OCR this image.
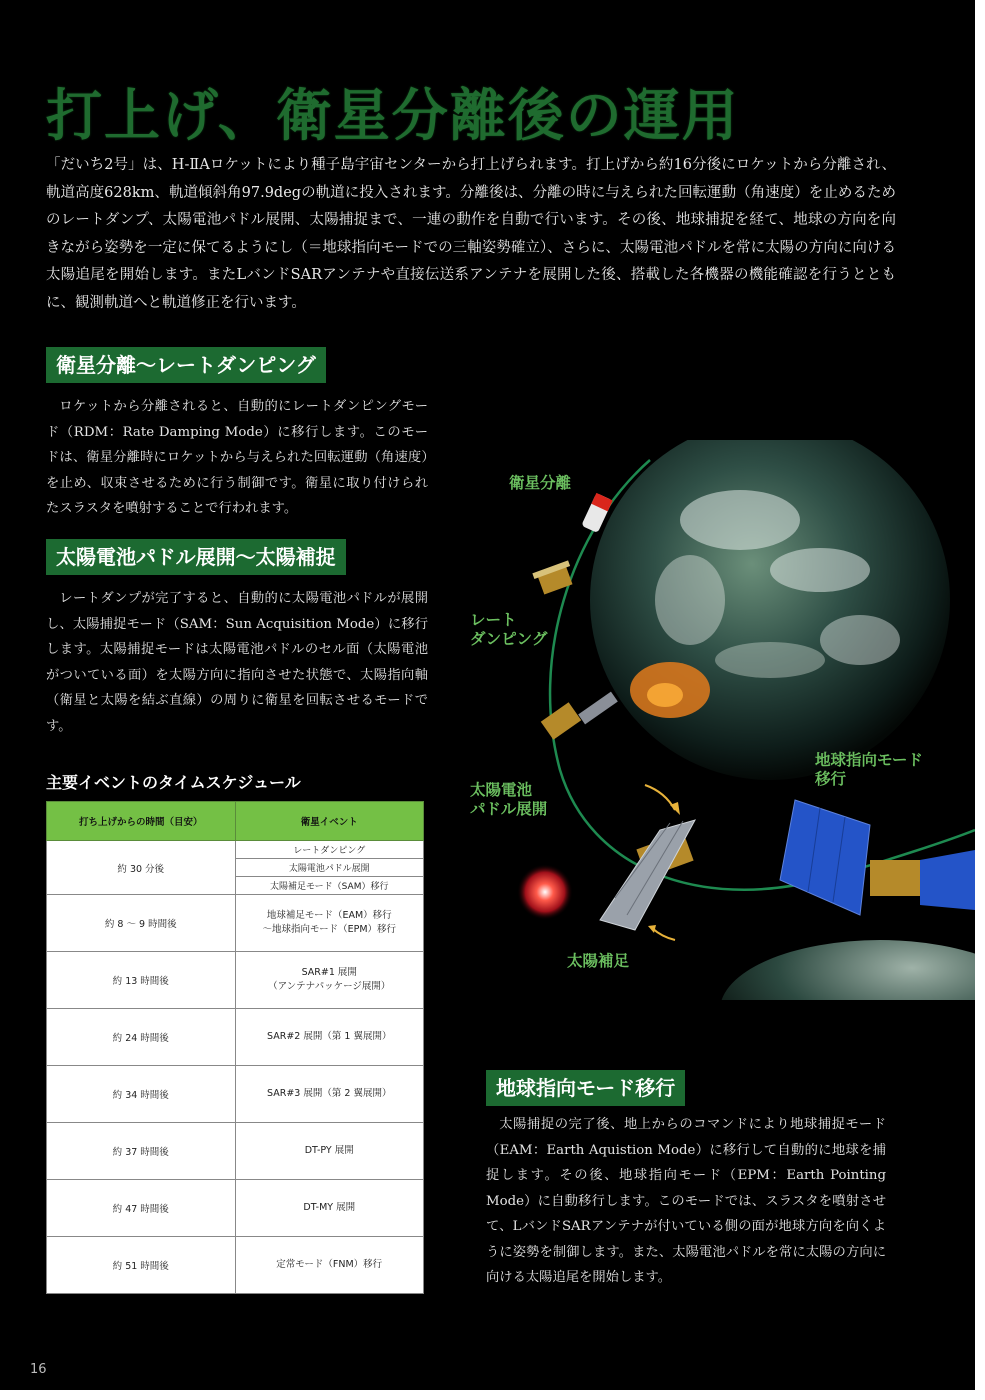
打上げ、衛星分離後の運用
「だいち2号」は、H-ⅡAロケットにより種子島宇宙センターから打上げられます。打上げから約16分後にロケットから分離され、軌道高度628km、軌道傾斜角97.9degの軌道に投入されます。分離後は、分離の時に与えられた回転運動（角速度）を止めるためのレートダンプ、太陽電池パドル展開、太陽捕捉まで、一連の動作を自動で行います。その後、地球捕捉を経て、地球の方向を向きながら姿勢を一定に保てるようにし（＝地球指向モードでの三軸姿勢確立）、さらに、太陽電池パドルを常に太陽の方向に向ける太陽追尾を開始します。またLバンドSARアンテナや直接伝送系アンテナを展開した後、搭載した各機器の機能確認を行うとともに、観測軌道へと軌道修正を行います。
衛星分離〜レートダンピング
ロケットから分離されると、自動的にレートダンピングモード（RDM：Rate Damping Mode）に移行します。このモードは、衛星分離時にロケットから与えられた回転運動（角速度）を止め、収束させるために行う制御です。衛星に取り付けられたスラスタを噴射することで行われます。
太陽電池パドル展開〜太陽補捉
レートダンプが完了すると、自動的に太陽電池パドルが展開し、太陽捕捉モード（SAM：Sun Acquisition Mode）に移行します。太陽捕捉モードは太陽電池パドルのセル面（太陽電池がついている面）を太陽方向に指向させた状態で、太陽指向軸（衛星と太陽を結ぶ直線）の周りに衛星を回転させるモードです。
主要イベントのタイムスケジュール
打ち上げからの時間（目安）	衛星イベント
約 30 分後	レートダンピング
	太陽電池パドル展開
	太陽補足モード（SAM）移行
約 8 〜 9 時間後	地球補足モード（EAM）移行
〜地球指向モード（EPM）移行

約 13 時間後	SAR#1 展開
（アンテナパッケージ展開）

約 24 時間後	SAR#2 展開（第 1 翼展開）

約 34 時間後	SAR#3 展開（第 2 翼展開）

約 37 時間後	DT-PY 展開

約 47 時間後	DT-MY 展開

約 51 時間後	定常モード（FNM）移行
衛星分離
レート
ダンピング
太陽電池
パドル展開
地球指向モード
移行
太陽補足
地球指向モード移行
太陽捕捉の完了後、地上からのコマンドにより地球捕捉モード（EAM：Earth Aquistion Mode）に移行して自動的に地球を捕捉します。その後、地球指向モード（EPM：Earth Pointing Mode）に自動移行します。このモードでは、スラスタを噴射させて、LバンドSARアンテナが付いている側の面が地球方向を向くように姿勢を制御します。また、太陽電池パドルを常に太陽の方向に向ける太陽追尾を開始します。
16
